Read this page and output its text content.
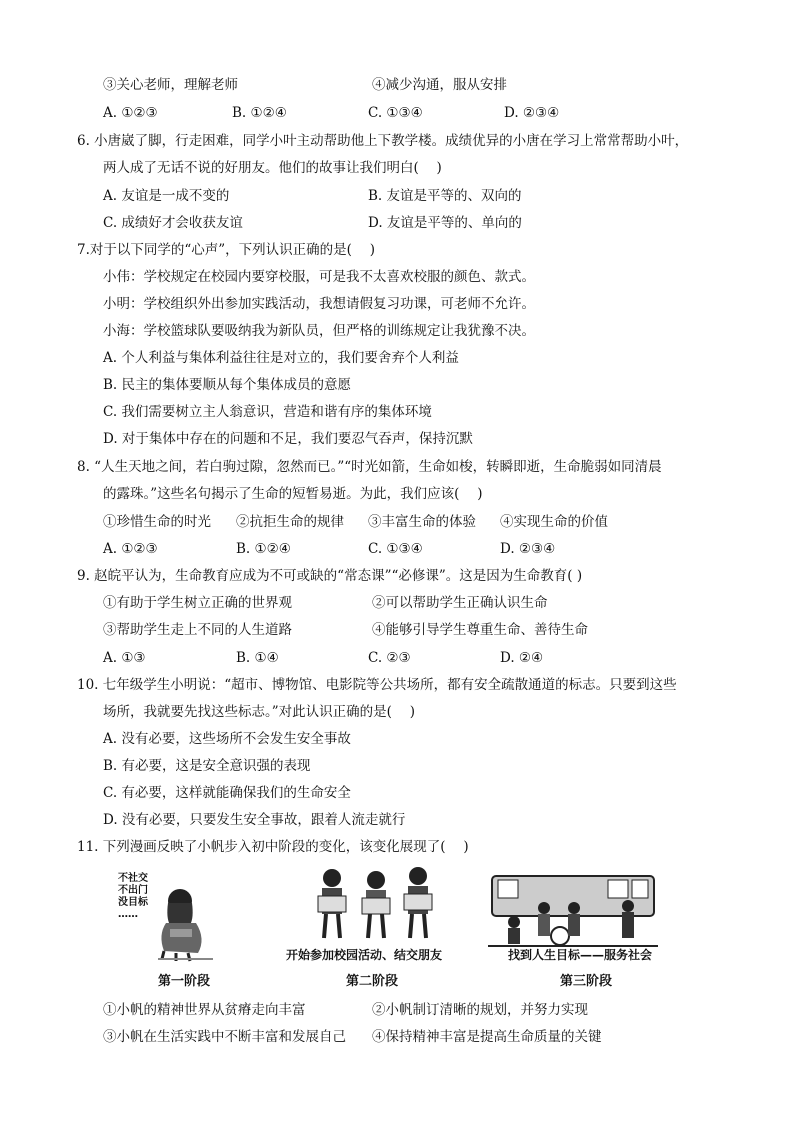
③关心老师，理解老师	④减少沟通，服从安排
A. ①②③	B. ①②④	C. ①③④	D. ②③④
6. 小唐崴了脚，行走困难，同学小叶主动帮助他上下教学楼。成绩优异的小唐在学习上常常帮助小叶，
两人成了无话不说的好朋友。他们的故事让我们明白(　 )
A. 友谊是一成不变的	B. 友谊是平等的、双向的
C. 成绩好才会收获友谊	D. 友谊是平等的、单向的
7.对于以下同学的“心声”，下列认识正确的是(　 )
小伟：学校规定在校园内要穿校服，可是我不太喜欢校服的颜色、款式。
小明：学校组织外出参加实践活动，我想请假复习功课，可老师不允许。
小海：学校篮球队要吸纳我为新队员，但严格的训练规定让我犹豫不决。
A. 个人利益与集体利益往往是对立的，我们要舍弃个人利益
B. 民主的集体要顺从每个集体成员的意愿
C. 我们需要树立主人翁意识，营造和谐有序的集体环境
D. 对于集体中存在的问题和不足，我们要忍气吞声，保持沉默
8. “人生天地之间，若白驹过隙，忽然而已。”“时光如箭，生命如梭，转瞬即逝，生命脆弱如同清晨
的露珠。”这些名句揭示了生命的短暂易逝。为此，我们应该(　 )
①珍惜生命的时光 ②抗拒生命的规律 ③丰富生命的体验 ④实现生命的价值
A. ①②③	B. ①②④	C. ①③④	D. ②③④
9. 赵皖平认为，生命教育应成为不可或缺的“常态课”“必修课”。这是因为生命教育( )
①有助于学生树立正确的世界观	②可以帮助学生正确认识生命
③帮助学生走上不同的人生道路	④能够引导学生尊重生命、善待生命
A. ①③	B. ①④	C. ②③	D. ②④
10. 七年级学生小明说：“超市、博物馆、电影院等公共场所，都有安全疏散通道的标志。只要到这些
场所，我就要先找这些标志。”对此认识正确的是(　 )
A. 没有必要，这些场所不会发生安全事故
B. 有必要，这是安全意识强的表现
C. 有必要，这样就能确保我们的生命安全
D. 没有必要，只要发生安全事故，跟着人流走就行
11. 下列漫画反映了小帆步入初中阶段的变化，该变化展现了(　 )
不社交
不出门
没目标
……
开始参加校园活动、结交朋友	找到人生目标——服务社会
第一阶段	第二阶段	第三阶段
①小帆的精神世界从贫瘠走向丰富	②小帆制订清晰的规划，并努力实现
③小帆在生活实践中不断丰富和发展自己 ④保持精神丰富是提高生命质量的关键
